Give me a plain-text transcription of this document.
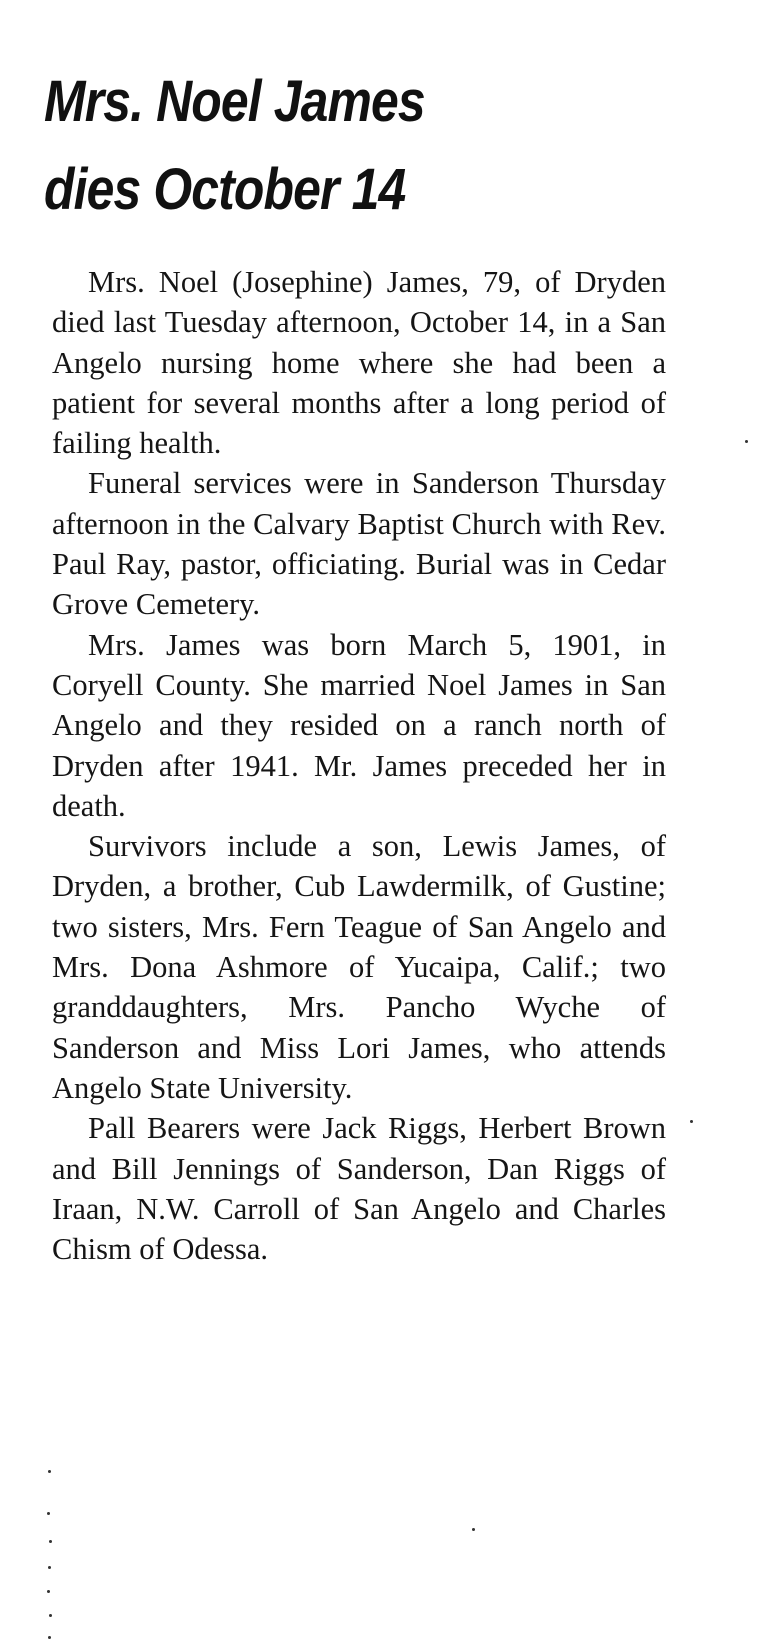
Mrs. Noel James
dies October 14

Mrs. Noel (Josephine) James, 79, of Dryden died last Tuesday afternoon, October 14, in a San Angelo nursing home where she had been a patient for several months after a long period of failing health.

Funeral services were in Sanderson Thursday afternoon in the Calvary Baptist Church with Rev. Paul Ray, pastor, officiating. Burial was in Cedar Grove Cemetery.

Mrs. James was born March 5, 1901, in Coryell County. She married Noel James in San Angelo and they resided on a ranch north of Dryden after 1941. Mr. James preceded her in death.

Survivors include a son, Lewis James, of Dryden, a brother, Cub Lawdermilk, of Gustine; two sisters, Mrs. Fern Teague of San Angelo and Mrs. Dona Ashmore of Yucaipa, Calif.; two granddaughters, Mrs. Pancho Wyche of Sanderson and Miss Lori James, who attends Angelo State University.

Pall Bearers were Jack Riggs, Herbert Brown and Bill Jennings of Sanderson, Dan Riggs of Iraan, N.W. Carroll of San Angelo and Charles Chism of Odessa.
